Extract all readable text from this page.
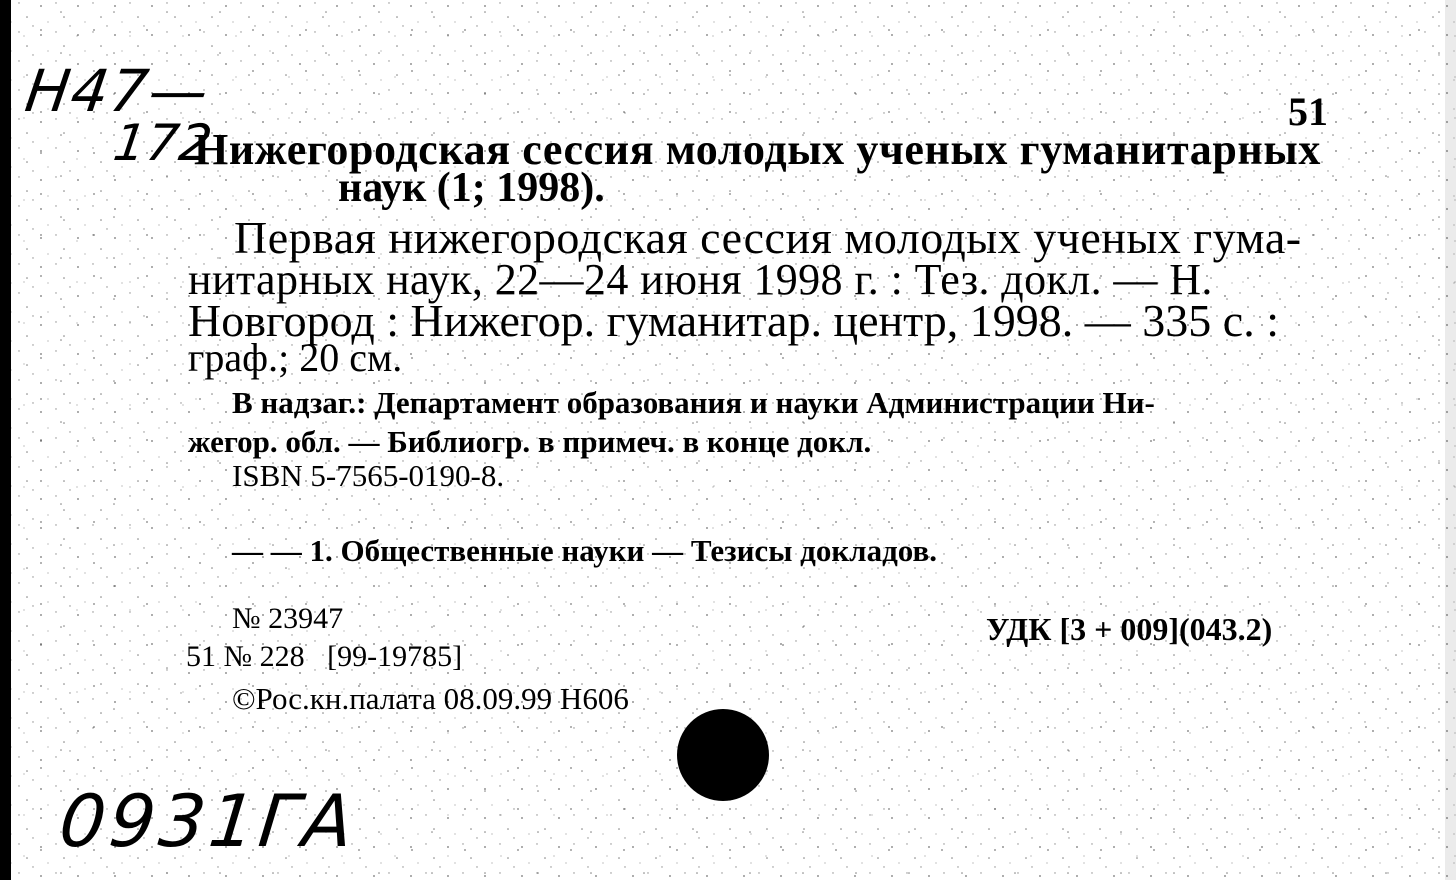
Н47—
172
51
Нижегородская сессия молодых ученых гуманитарных
наук (1; 1998).
Первая нижегородская сессия молодых ученых гума-
нитарных наук, 22—24 июня 1998 г. : Тез. докл. — Н.
Новгород : Нижегор. гуманитар. центр, 1998. — 335 с. :
граф.; 20 см.
В надзаг.: Департамент образования и науки Администрации Ни-
жегор. обл. — Библиогр. в примеч. в конце докл.
ISBN 5-7565-0190-8.
— — 1. Общественные науки — Тезисы докладов.
№ 23947
51 № 228   [99-19785]
©Рос.кн.палата 08.09.99 Н606
УДК [3 + 009](043.2)
0931ГА
